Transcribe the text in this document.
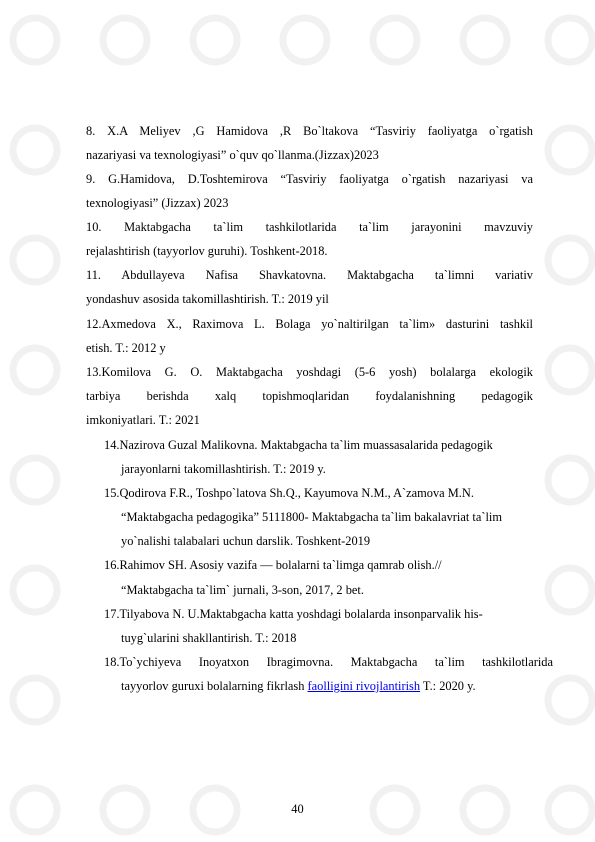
8. X.A Meliyev ,G Hamidova ,R Bo`ltakova “Tasviriy faoliyatga o`rgatish
nazariyasi va texnologiyasi” o`quv qo`llanma.(Jizzax)2023
9. G.Hamidova, D.Toshtemirova “Tasviriy faoliyatga o`rgatish nazariyasi va
texnologiyasi” (Jizzax) 2023
10. Maktabgacha ta`lim tashkilotlarida ta`lim jarayonini mavzuviy
rejalashtirish (tayyorlov guruhi). Toshkent-2018.
11. Abdullayeva Nafisa Shavkatovna. Maktabgacha ta`limni variativ
yondashuv asosida takomillashtirish. T.: 2019 yil
12.Axmedova X., Raximova L. Bolaga yo`naltirilgan ta`lim» dasturini tashkil
etish. T.: 2012 y
13.Komilova G. O. Maktabgacha yoshdagi (5-6 yosh) bolalarga ekologik
tarbiya berishda xalq topishmoqlaridan foydalanishning pedagogik
imkoniyatlari. T.: 2021
14.Nazirova Guzal Malikovna. Maktabgacha ta`lim muassasalarida pedagogik
jarayonlarni takomillashtirish. T.: 2019 y.
15.Qodirova F.R., Toshpo`latova Sh.Q., Kayumova N.M., A`zamova M.N.
“Maktabgacha pedagogika” 5111800- Maktabgacha ta`lim bakalavriat ta`lim
yo`nalishi talabalari uchun darslik. Toshkent-2019
16.Rahimov SH. Asosiy vazifa — bolalarni ta`limga qamrab olish.//
“Maktabgacha ta`lim` jurnali, 3-son, 2017, 2 bet.
17.Tilyabova N. U.Maktabgacha katta yoshdagi bolalarda insonparvalik his-
tuyg`ularini shakllantirish. T.: 2018
18.To`ychiyeva Inoyatxon Ibragimovna. Maktabgacha ta`lim tashkilotlarida
tayyorlov guruxi bolalarning fikrlash faolligini rivojlantirish T.: 2020 y.
40
